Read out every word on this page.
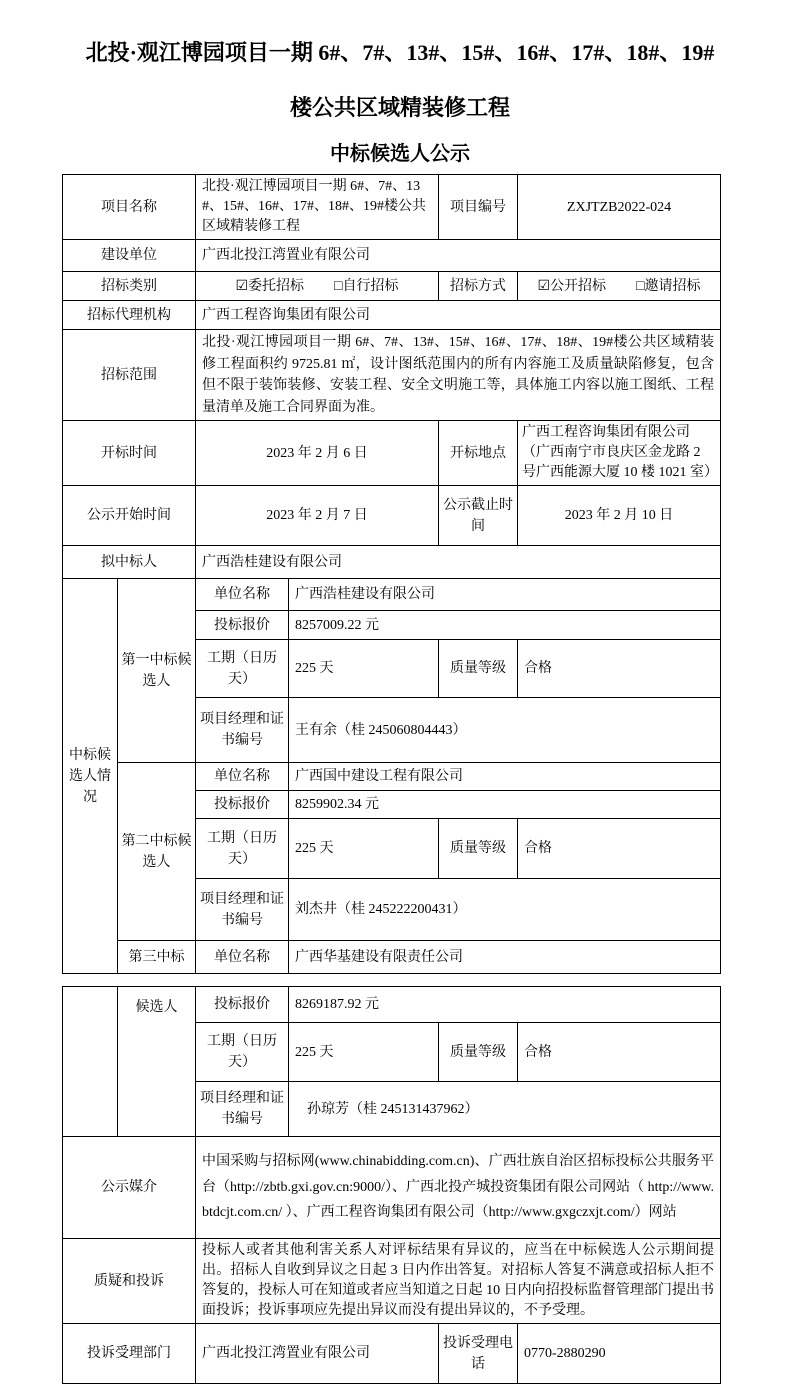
北投·观江博园项目一期 6#、7#、13#、15#、16#、17#、18#、19#
楼公共区域精装修工程
中标候选人公示
项目名称		北投·观江博园项目一期 6#、7#、13#、15#、16#、17#、18#、19#楼公共区域精装修工程		项目编号	ZXJTZB2022-024
建设单位		广西北投江湾置业有限公司			
招标类别		☑委托招标 □自行招标		招标方式	☑公开招标 □邀请招标
招标代理机构		广西工程咨询集团有限公司			
招标范围		北投·观江博园项目一期 6#、7#、13#、15#、16#、17#、18#、19#楼公共区域精装修工程面积约 9725.81 ㎡，设计图纸范围内的所有内容施工及质量缺陷修复，包含但不限于装饰装修、安装工程、安全文明施工等，具体施工内容以施工图纸、工程量清单及施工合同界面为准。			
开标时间		2023 年 2 月 6 日		开标地点	广西工程咨询集团有限公司（广西南宁市良庆区金龙路 2 号广西能源大厦 10 楼 1021 室）
公示开始时间		2023 年 2 月 7 日		公示截止时间	2023 年 2 月 10 日
拟中标人		广西浩桂建设有限公司			
中标候选人情况	第一中标候选人	单位名称	广西浩桂建设有限公司		
		投标报价	8257009.22 元		
		工期（日历天）	225 天	质量等级	合格
		项目经理和证书编号	王有余（桂 245060804443）		
	第二中标候选人	单位名称	广西国中建设工程有限公司		
		投标报价	8259902.34 元		
		工期（日历天）	225 天	质量等级	合格
		项目经理和证书编号	刘杰井（桂 245222200431）		
	第三中标	单位名称	广西华基建设有限责任公司		
	候选人	投标报价	8269187.92 元		
		工期（日历天）	225 天	质量等级	合格
		项目经理和证书编号	孙琼芳（桂 245131437962）		
公示媒介		中国采购与招标网(www.chinabidding.com.cn)、广西壮族自治区招标投标公共服务平台（http://zbtb.gxi.gov.cn:9000/）、广西北投产城投资集团有限公司网站（ http://www.btdcjt.com.cn/ ）、广西工程咨询集团有限公司（http://www.gxgczxjt.com/）网站			
质疑和投诉		投标人或者其他利害关系人对评标结果有异议的，应当在中标候选人公示期间提出。招标人自收到异议之日起 3 日内作出答复。对招标人答复不满意或招标人拒不答复的，投标人可在知道或者应当知道之日起 10 日内向招投标监督管理部门提出书面投诉；投诉事项应先提出异议而没有提出异议的，不予受理。			
投诉受理部门		广西北投江湾置业有限公司		投诉受理电话	0770-2880290
